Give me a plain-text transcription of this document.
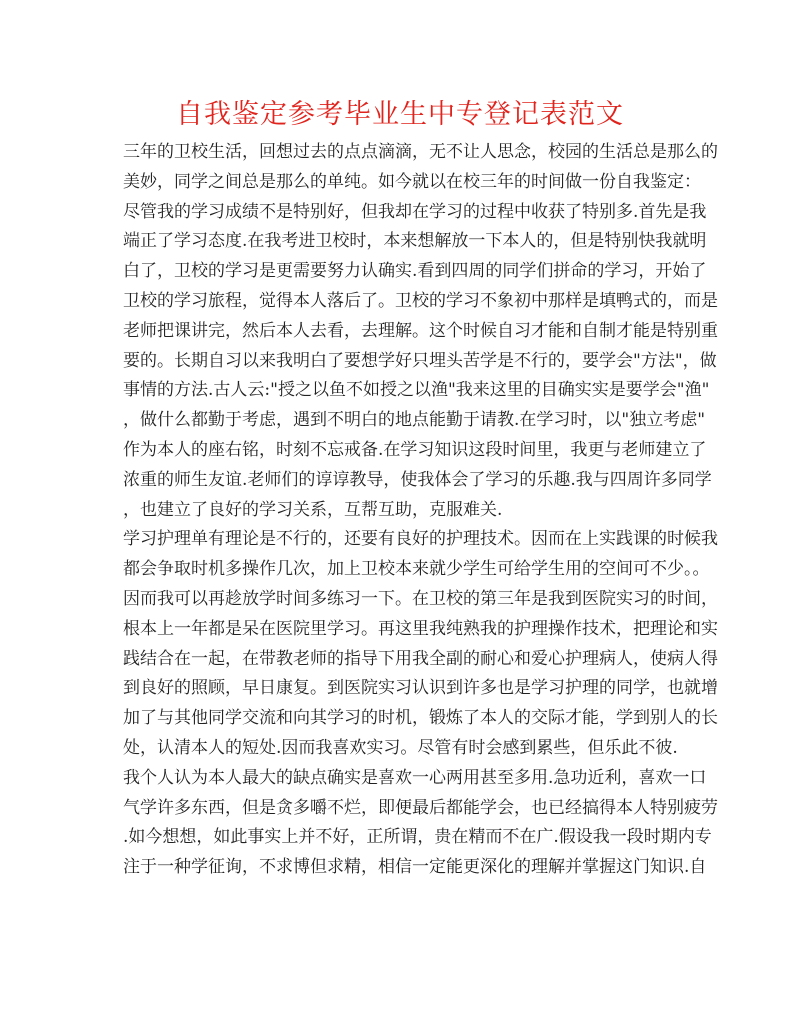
自我鉴定参考毕业生中专登记表范文
三年的卫校生活，回想过去的点点滴滴，无不让人思念，校园的生活总是那么的
美妙，同学之间总是那么的单纯。如今就以在校三年的时间做一份自我鉴定：
尽管我的学习成绩不是特别好，但我却在学习的过程中收获了特别多.首先是我
端正了学习态度.在我考进卫校时，本来想解放一下本人的，但是特别快我就明
白了，卫校的学习是更需要努力认确实.看到四周的同学们拼命的学习，开始了
卫校的学习旅程，觉得本人落后了。卫校的学习不象初中那样是填鸭式的，而是
老师把课讲完，然后本人去看，去理解。这个时候自习才能和自制才能是特别重
要的。长期自习以来我明白了要想学好只埋头苦学是不行的，要学会"方法"，做
事情的方法.古人云:"授之以鱼不如授之以渔"我来这里的目确实实是要学会"渔"
，做什么都勤于考虑，遇到不明白的地点能勤于请教.在学习时，以"独立考虑"
作为本人的座右铭，时刻不忘戒备.在学习知识这段时间里，我更与老师建立了
浓重的师生友谊.老师们的谆谆教导，使我体会了学习的乐趣.我与四周许多同学
，也建立了良好的学习关系，互帮互助，克服难关.
学习护理单有理论是不行的，还要有良好的护理技术。因而在上实践课的时候我
都会争取时机多操作几次，加上卫校本来就少学生可给学生用的空间可不少。。
因而我可以再趁放学时间多练习一下。在卫校的第三年是我到医院实习的时间，
根本上一年都是呆在医院里学习。再这里我纯熟我的护理操作技术，把理论和实
践结合在一起，在带教老师的指导下用我全副的耐心和爱心护理病人，使病人得
到良好的照顾，早日康复。到医院实习认识到许多也是学习护理的同学，也就增
加了与其他同学交流和向其学习的时机，锻炼了本人的交际才能，学到别人的长
处，认清本人的短处.因而我喜欢实习。尽管有时会感到累些，但乐此不彼.
我个人认为本人最大的缺点确实是喜欢一心两用甚至多用.急功近利，喜欢一口
气学许多东西，但是贪多嚼不烂，即便最后都能学会，也已经搞得本人特别疲劳
.如今想想，如此事实上并不好，正所谓，贵在精而不在广.假设我一段时期内专
注于一种学征询，不求博但求精，相信一定能更深化的理解并掌握这门知识.自
